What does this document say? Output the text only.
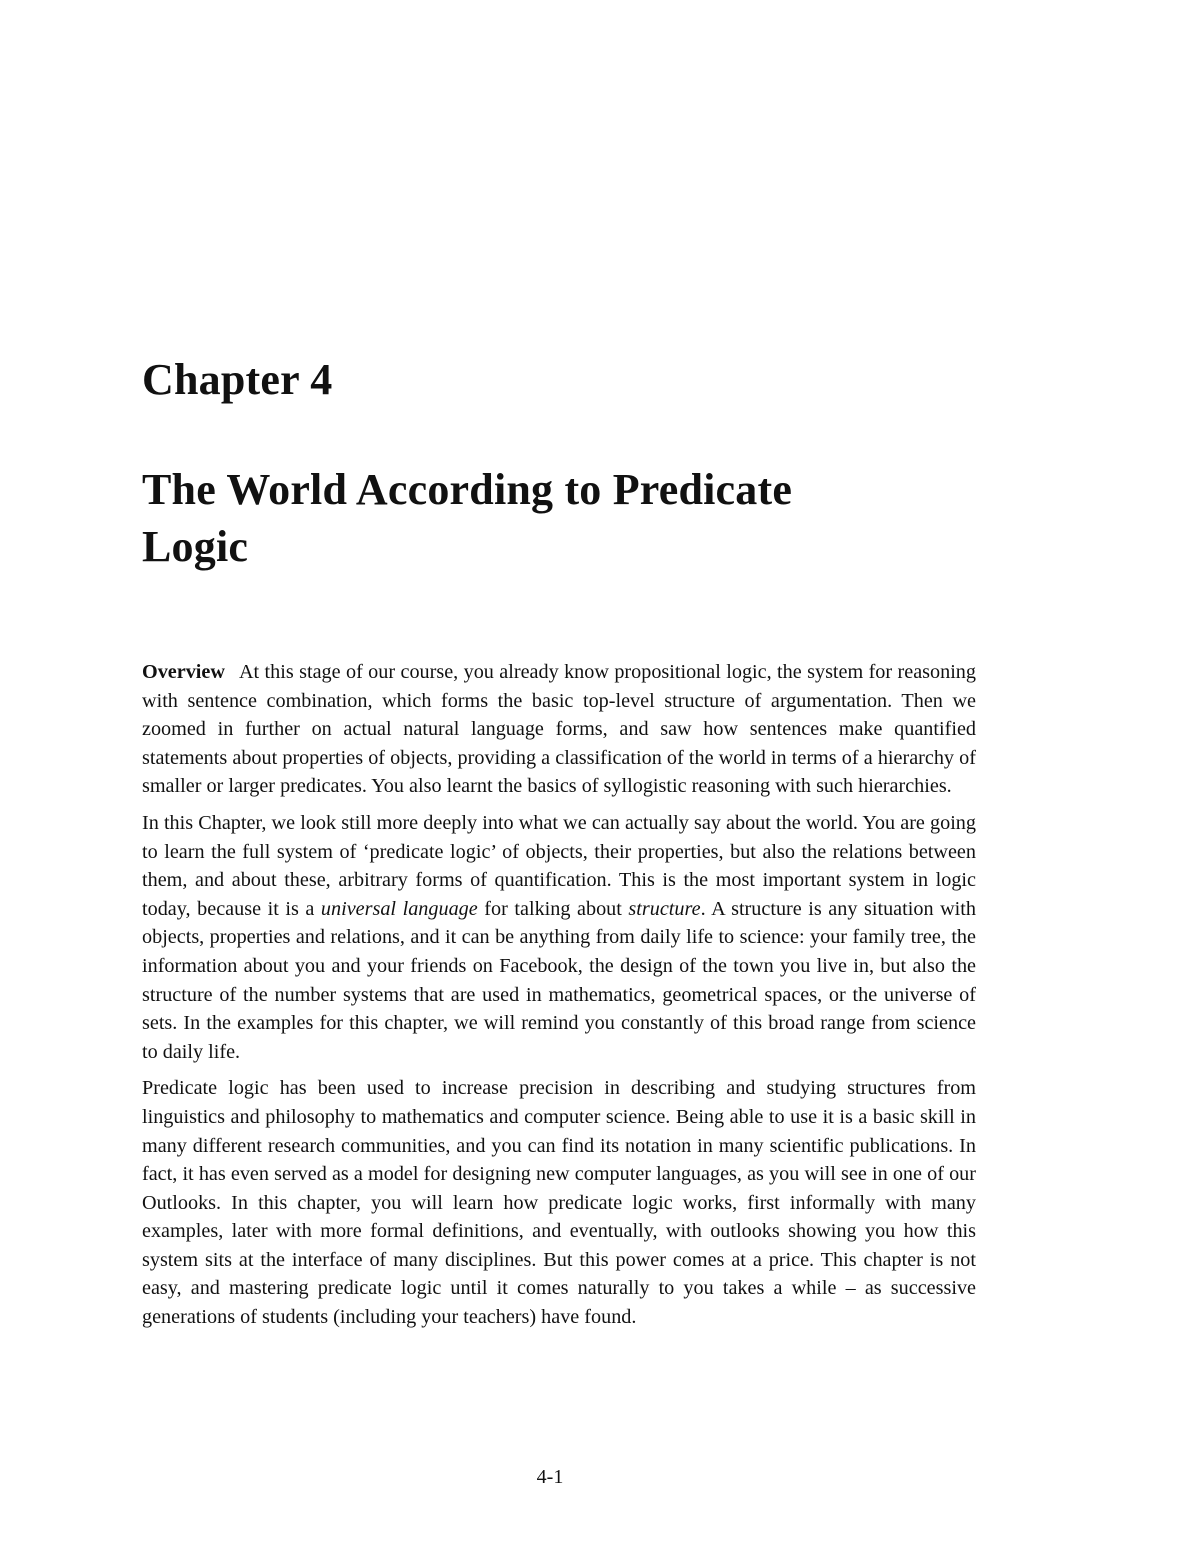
Chapter 4
The World According to Predicate
Logic

Overview At this stage of our course, you already know propositional logic, the system for reasoning with sentence combination, which forms the basic top-level structure of argumentation. Then we zoomed in further on actual natural language forms, and saw how sentences make quantified statements about properties of objects, providing a classification of the world in terms of a hierarchy of smaller or larger predicates. You also learnt the basics of syllogistic reasoning with such hierarchies.

In this Chapter, we look still more deeply into what we can actually say about the world. You are going to learn the full system of ‘predicate logic’ of objects, their properties, but also the relations between them, and about these, arbitrary forms of quantification. This is the most important system in logic today, because it is a universal language for talking about structure. A structure is any situation with objects, properties and relations, and it can be anything from daily life to science: your family tree, the information about you and your friends on Facebook, the design of the town you live in, but also the structure of the number systems that are used in mathematics, geometrical spaces, or the universe of sets. In the examples for this chapter, we will remind you constantly of this broad range from science to daily life.

Predicate logic has been used to increase precision in describing and studying structures from linguistics and philosophy to mathematics and computer science. Being able to use it is a basic skill in many different research communities, and you can find its notation in many scientific publications. In fact, it has even served as a model for designing new computer languages, as you will see in one of our Outlooks. In this chapter, you will learn how predicate logic works, first informally with many examples, later with more formal definitions, and eventually, with outlooks showing you how this system sits at the interface of many disciplines. But this power comes at a price. This chapter is not easy, and mastering predicate logic until it comes naturally to you takes a while – as successive generations of students (including your teachers) have found.

4-1
